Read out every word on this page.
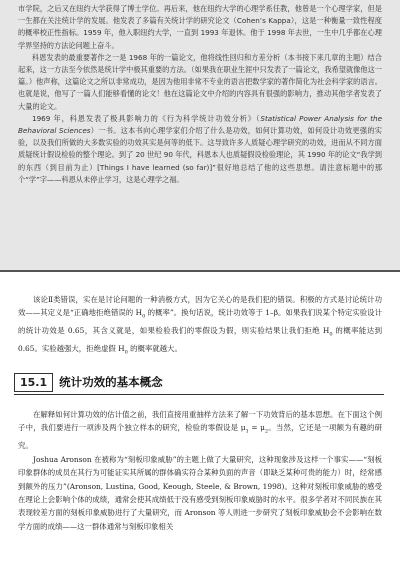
市学院，之后又在纽约大学获得了博士学位。再后来，他在纽约大学的心理学系任教，他曾是一个心理学家，但是一生都在关注统计学的发展。他发表了多篇有关统计学的研究论文（Cohen’s Kappa），这是一种衡量一致性程度的概率校正性指标。1959 年，他入职纽约大学，一直到 1993 年退休。他于 1998 年去世，一生中几乎都在心理学界坚持的方法论问题上奋斗。

科恩发表的最重要著作之一是 1968 年的一篇论文，他将线性回归和方差分析（本书接下来几章的主题）结合起来，这一方法至今依然是统计学中极其重要的方法。（如果我在职业生涯中只发表了一篇论文，我希望就像他这一篇。）他声称，这篇论文之所以非常成功，是因为他用非常不专业的语言把数学家的著作简化为社会科学家的语言。也就是说，他写了一篇人们能够看懂的论文！他在这篇论文中介绍的内容具有很强的影响力，推动其他学者发表了大量的论文。

1969 年，科恩发表了极具影响力的《行为科学统计功效分析》（Statistical Power Analysis for the Behavioral Sciences）一书。这本书向心理学家们介绍了什么是功效，如何计算功效，如何设计功效更强的实验，以及我们所做的大多数实验的功效其实是何等的低下。这导致许多人质疑心理学研究的功效，进而从不同方面质疑统计假设检验的整个理论。到了 20 世纪 90 年代，科恩本人也质疑假设检验理论，其 1990 年的论文“我学到的东西（到目前为止）[Things I have learned (so far)]”很好地总结了他的这些思想。请注意标题中的那个“学”字——科恩从未停止学习，这是心理学之福。

该论Ⅱ类错误，实在是讨论问题的一种消极方式，因为它关心的是我们犯的错误。积极的方式是讨论统计功效——其定义是“正确地拒绝错误的 $H_0$ 的概率”。换句话说，统计功效等于 1–β。如果我们说某个特定实验设计的统计功效是 0.65，其含义就是，如果检验我们的零假设为假，则实验结果让我们拒绝 $H_0$ 的概率能达到 0.65。实验越强大，拒绝虚假 $H_0$ 的概率就越大。

15.1	统计功效的基本概念

在解释如何计算功效的估计值之前，我们直接用重抽样方法来了解一下功效背后的基本思想。在下面这个例子中，我们要进行一项涉及两个独立样本的研究，检验的零假设是 $\mu_1 = \mu_2$。当然，它还是一项额为有趣的研究。

Joshua Aronson 在被称为“刻板印象威胁”的主题上做了大量研究，这种现象涉及这样一个事实——“刻板印象群体的成员在其行为可能证实其所属的群体确实符合某种负面的声音（即缺乏某种可贵的能力）时，经常感到额外的压力”(Aronson, Lustina, Good, Keough, Steele, & Brown, 1998)。这种对刻板印象威胁的感受在理论上会影响个体的成绩，通常会使其成绩低于没有感受到刻板印象威胁时的水平。很多学者对不同民族在其表现较差方面的刻板印象威胁进行了大量研究，而 Aronson 等人则进一步研究了刻板印象威胁会不会影响在数学方面的成绩——这一群体通常与刻板印象相关
